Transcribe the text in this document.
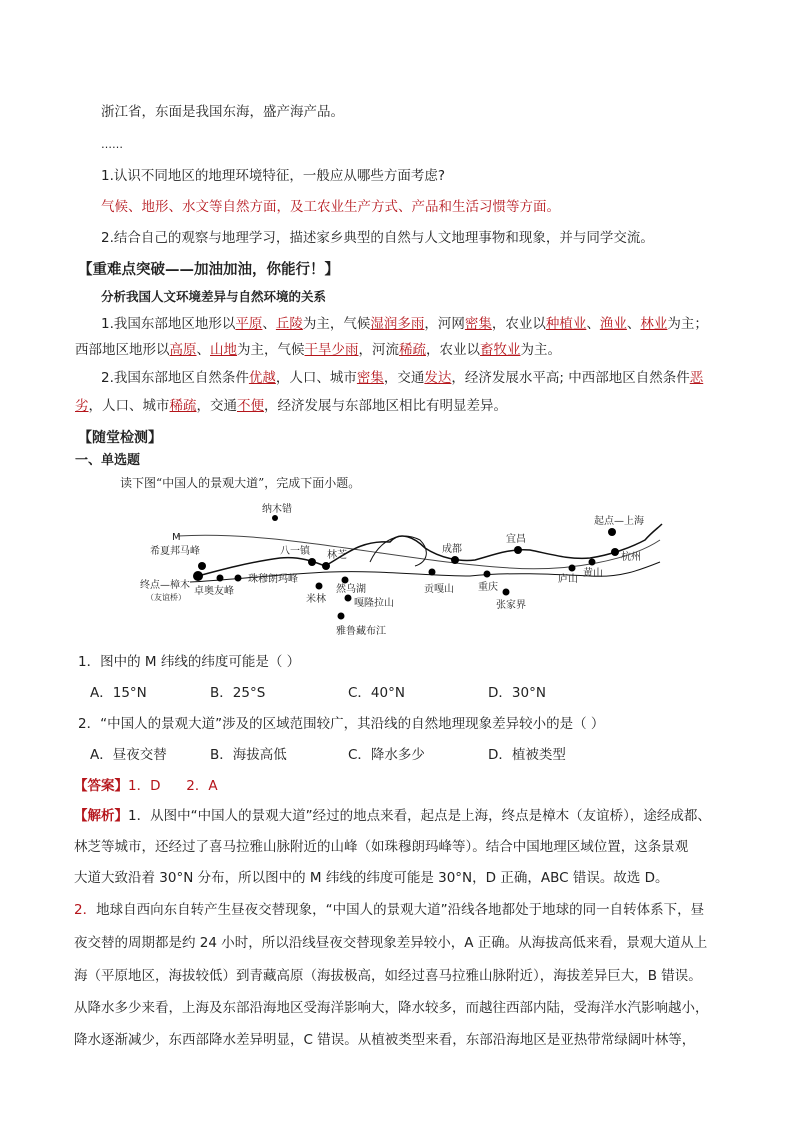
浙江省，东面是我国东海，盛产海产品。
……
1.认识不同地区的地理环境特征，一般应从哪些方面考虑?
气候、地形、水文等自然方面，及工农业生产方式、产品和生活习惯等方面。
2.结合自己的观察与地理学习，描述家乡典型的自然与人文地理事物和现象，并与同学交流。
【重难点突破——加油加油，你能行！】
分析我国人文环境差异与自然环境的关系
1.我国东部地区地形以平原、丘陵为主，气候湿润多雨，河网密集，农业以种植业、渔业、林业为主；
西部地区地形以高原、山地为主，气候干旱少雨，河流稀疏，农业以畜牧业为主。
2.我国东部地区自然条件优越，人口、城市密集，交通发达，经济发展水平高; 中西部地区自然条件恶
劣，人口、城市稀疏，交通不便，经济发展与东部地区相比有明显差异。
【随堂检测】
一、单选题
读下图“中国人的景观大道”，完成下面小题。
纳木错
起点—上海
M
希夏邦马峰	八一镇 林芝
成都
宜昌
杭州
终点—樟木
（友谊桥）
卓奥友峰
珠穆朗玛峰
米林
然乌湖
嘎隆拉山
雅鲁藏布江
贡嘎山 重庆
张家界
庐山
黄山
1．图中的 M 纬线的纬度可能是（ ）
A．15°N	B．25°S	C．40°N	D．30°N
2．“中国人的景观大道”涉及的区域范围较广，其沿线的自然地理现象差异较小的是（ ）
A．昼夜交替	B．海拔高低	C．降水多少	D．植被类型
【答案】1．D      2．A
【解析】1．从图中“中国人的景观大道”经过的地点来看，起点是上海，终点是樟木（友谊桥），途经成都、
林芝等城市，还经过了喜马拉雅山脉附近的山峰（如珠穆朗玛峰等）。结合中国地理区域位置，这条景观
大道大致沿着 30°N 分布，所以图中的 M 纬线的纬度可能是 30°N，D 正确，ABC 错误。故选 D。
2．地球自西向东自转产生昼夜交替现象，“中国人的景观大道”沿线各地都处于地球的同一自转体系下，昼
夜交替的周期都是约 24 小时，所以沿线昼夜交替现象差异较小，A 正确。从海拔高低来看，景观大道从上
海（平原地区，海拔较低）到青藏高原（海拔极高，如经过喜马拉雅山脉附近），海拔差异巨大，B 错误。
从降水多少来看，上海及东部沿海地区受海洋影响大，降水较多，而越往西部内陆，受海洋水汽影响越小，
降水逐渐减少，东西部降水差异明显，C 错误。从植被类型来看，东部沿海地区是亚热带常绿阔叶林等，
